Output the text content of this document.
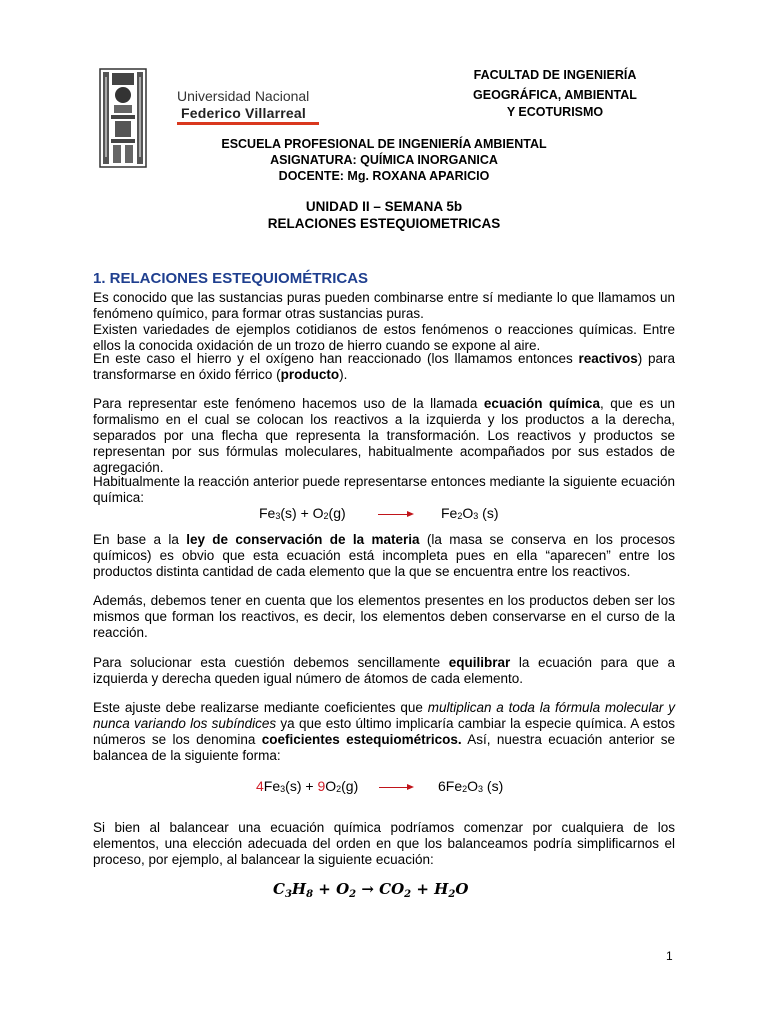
Universidad Nacional
Federico Villarreal
FACULTAD DE INGENIERÍA

GEOGRÁFICA, AMBIENTAL
Y ECOTURISMO
ESCUELA PROFESIONAL DE INGENIERÍA AMBIENTAL
ASIGNATURA: QUÍMICA INORGANICA
DOCENTE: Mg. ROXANA APARICIO
UNIDAD II – SEMANA 5b
RELACIONES ESTEQUIOMETRICAS
1. RELACIONES ESTEQUIOMÉTRICAS
Es conocido que las sustancias puras pueden combinarse entre sí mediante lo que llamamos un fenómeno químico, para formar otras sustancias puras.
Existen variedades de ejemplos cotidianos de estos fenómenos o reacciones químicas. Entre ellos la conocida oxidación de un trozo de hierro cuando se expone al aire.
En este caso el hierro y el oxígeno han reaccionado (los llamamos entonces reactivos) para transformarse en óxido férrico (producto).
Para representar este fenómeno hacemos uso de la llamada ecuación química, que es un formalismo en el cual se colocan los reactivos a la izquierda y los productos a la derecha, separados por una flecha que representa la transformación. Los reactivos y productos se representan por sus fórmulas moleculares, habitualmente acompañados por sus estados de agregación.
Habitualmente la reacción anterior puede representarse entonces mediante la siguiente ecuación química:
$Fe_3(s) + O_2(g)$	$Fe_2O_3$ (s)
En base a la ley de conservación de la materia (la masa se conserva en los procesos químicos) es obvio que esta ecuación está incompleta pues en ella “aparecen” entre los productos distinta cantidad de cada elemento que la que se encuentra entre los reactivos.
Además, debemos tener en cuenta que los elementos presentes en los productos deben ser los mismos que forman los reactivos, es decir, los elementos deben conservarse en el curso de la reacción.
Para solucionar esta cuestión debemos sencillamente equilibrar la ecuación para que a izquierda y derecha queden igual número de átomos de cada elemento.
Este ajuste debe realizarse mediante coeficientes que multiplican a toda la fórmula molecular y nunca variando los subíndices ya que esto último implicaría cambiar la especie química. A estos números se los denomina coeficientes estequiométricos. Así, nuestra ecuación anterior se balancea de la siguiente forma:
$4Fe_3(s) + 9O_2(g)$	$6Fe_2O_3$ (s)
Si bien al balancear una ecuación química podríamos comenzar por cualquiera de los elementos, una elección adecuada del orden en que los balanceamos podría simplificarnos el proceso, por ejemplo, al balancear la siguiente ecuación:
$C_3H_8 + O_2 \to CO_2 + H_2O$
1
